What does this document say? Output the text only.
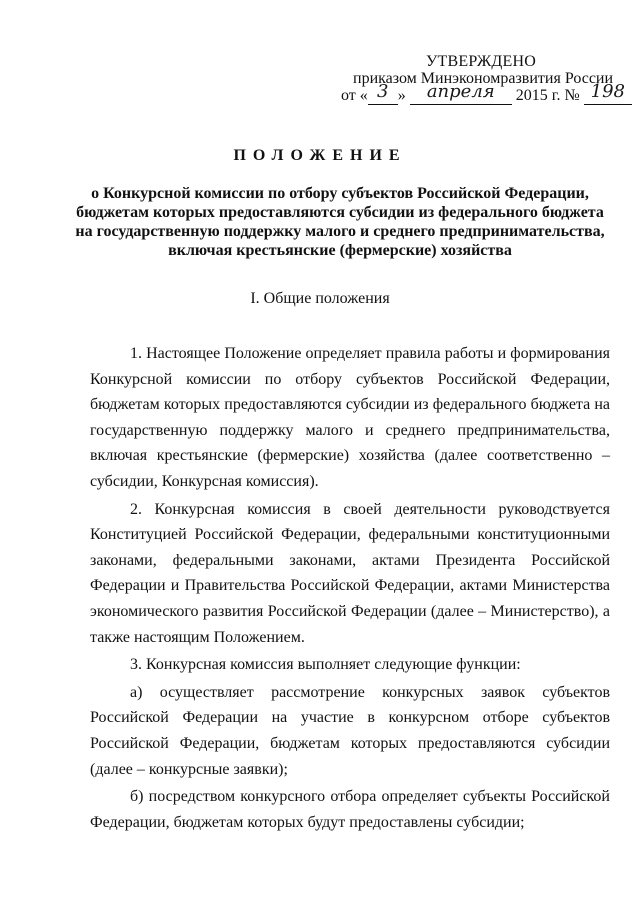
УТВЕРЖДЕНО
приказом Минэкономразвития России
от « 3 » апреля 2015 г. № 198
ПОЛОЖЕНИЕ
о Конкурсной комиссии по отбору субъектов Российской Федерации,
бюджетам которых предоставляются субсидии из федерального бюджета
на государственную поддержку малого и среднего предпринимательства,
включая крестьянские (фермерские) хозяйства
I. Общие положения

1. Настоящее Положение определяет правила работы и формирования Конкурсной комиссии по отбору субъектов Российской Федерации, бюджетам которых предоставляются субсидии из федерального бюджета на государственную поддержку малого и среднего предпринимательства, включая крестьянские (фермерские) хозяйства (далее соответственно – субсидии, Конкурсная комиссия).

2. Конкурсная комиссия в своей деятельности руководствуется Конституцией Российской Федерации, федеральными конституционными законами, федеральными законами, актами Президента Российской Федерации и Правительства Российской Федерации, актами Министерства экономического развития Российской Федерации (далее – Министерство), а также настоящим Положением.

3. Конкурсная комиссия выполняет следующие функции:

а) осуществляет рассмотрение конкурсных заявок субъектов Российской Федерации на участие в конкурсном отборе субъектов Российской Федерации, бюджетам которых предоставляются субсидии (далее – конкурсные заявки);

б) посредством конкурсного отбора определяет субъекты Российской Федерации, бюджетам которых будут предоставлены субсидии;
